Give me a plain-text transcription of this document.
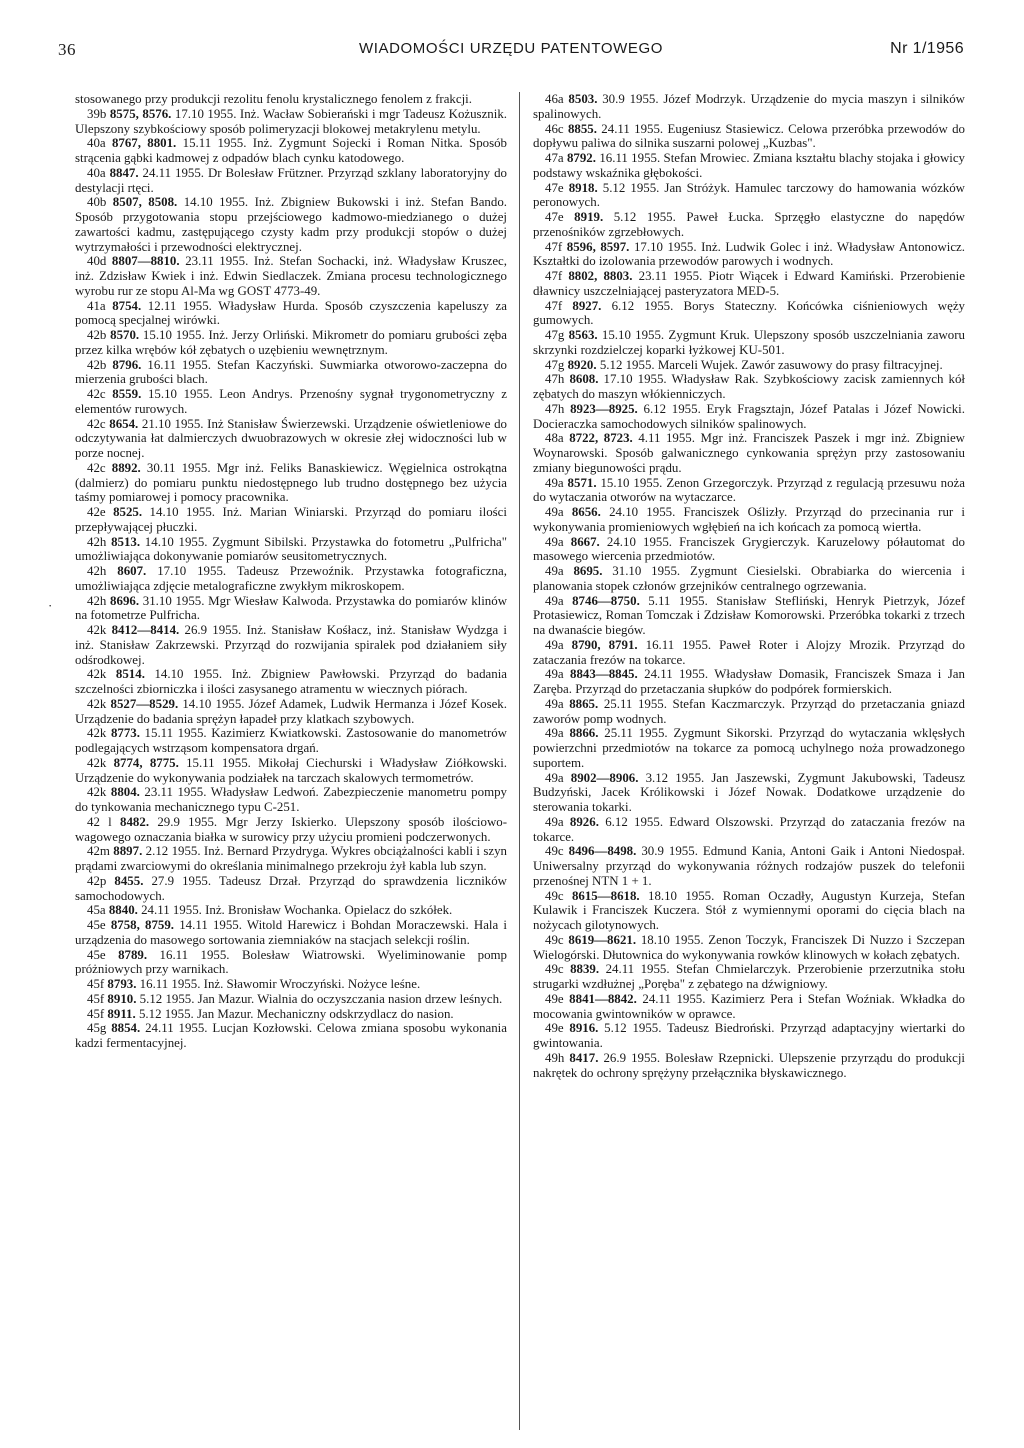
36	WIADOMOŚCI URZĘDU PATENTOWEGO	Nr 1/1956
·

stosowanego przy produkcji rezolitu fenolu krystalicznego fenolem z frakcji.

39b 8575, 8576. 17.10 1955. Inż. Wacław Sobierański i mgr Tadeusz Kożusznik. Ulepszony szybkościowy sposób polimeryzacji blokowej metakrylenu metylu.

40a 8767, 8801. 15.11 1955. Inż. Zygmunt Sojecki i Roman Nitka. Sposób strącenia gąbki kadmowej z odpadów blach cynku katodowego.

40a 8847. 24.11 1955. Dr Bolesław Frützner. Przyrząd szklany laboratoryjny do destylacji rtęci.

40b 8507, 8508. 14.10 1955. Inż. Zbigniew Bukowski i inż. Stefan Bando. Sposób przygotowania stopu przejściowego kadmowo-miedzianego o dużej zawartości kadmu, zastępującego czysty kadm przy produkcji stopów o dużej wytrzymałości i przewodności elektrycznej.

40d 8807—8810. 23.11 1955. Inż. Stefan Sochacki, inż. Władysław Kruszec, inż. Zdzisław Kwiek i inż. Edwin Siedlaczek. Zmiana procesu technologicznego wyrobu rur ze stopu Al-Ma wg GOST 4773-49.

41a 8754. 12.11 1955. Władysław Hurda. Sposób czyszczenia kapeluszy za pomocą specjalnej wirówki.

42b 8570. 15.10 1955. Inż. Jerzy Orliński. Mikrometr do pomiaru grubości zęba przez kilka wrębów kół zębatych o uzębieniu wewnętrznym.

42b 8796. 16.11 1955. Stefan Kaczyński. Suwmiarka otworowo-zaczepna do mierzenia grubości blach.

42c 8559. 15.10 1955. Leon Andrys. Przenośny sygnał trygonometryczny z elementów rurowych.

42c 8654. 21.10 1955. Inż Stanisław Świerzewski. Urządzenie oświetleniowe do odczytywania łat dalmierczych dwuobrazowych w okresie złej widoczności lub w porze nocnej.

42c 8892. 30.11 1955. Mgr inż. Feliks Banaskiewicz. Węgielnica ostrokątna (dalmierz) do pomiaru punktu niedostępnego lub trudno dostępnego bez użycia taśmy pomiarowej i pomocy pracownika.

42e 8525. 14.10 1955. Inż. Marian Winiarski. Przyrząd do pomiaru ilości przepływającej płuczki.

42h 8513. 14.10 1955. Zygmunt Sibilski. Przystawka do fotometru „Pulfricha" umożliwiająca dokonywanie pomiarów seusitometrycznych.

42h 8607. 17.10 1955. Tadeusz Przewoźnik. Przystawka fotograficzna, umożliwiająca zdjęcie metalograficzne zwykłym mikroskopem.

42h 8696. 31.10 1955. Mgr Wiesław Kalwoda. Przystawka do pomiarów klinów na fotometrze Pulfricha.

42k 8412—8414. 26.9 1955. Inż. Stanisław Kośłacz, inż. Stanisław Wydzga i inż. Stanisław Zakrzewski. Przyrząd do rozwijania spiralek pod działaniem siły odśrodkowej.

42k 8514. 14.10 1955. Inż. Zbigniew Pawłowski. Przyrząd do badania szczelności zbiorniczka i ilości zasysanego atramentu w wiecznych piórach.

42k 8527—8529. 14.10 1955. Józef Adamek, Ludwik Hermanza i Józef Kosek. Urządzenie do badania sprężyn łapadeł przy klatkach szybowych.

42k 8773. 15.11 1955. Kazimierz Kwiatkowski. Zastosowanie do manometrów podlegających wstrząsom kompensatora drgań.

42k 8774, 8775. 15.11 1955. Mikołaj Ciechurski i Władysław Ziółkowski. Urządzenie do wykonywania podziałek na tarczach skalowych termometrów.

42k 8804. 23.11 1955. Władysław Ledwoń. Zabezpieczenie manometru pompy do tynkowania mechanicznego typu C-251.

42 l 8482. 29.9 1955. Mgr Jerzy Iskierko. Ulepszony sposób ilościowo-wagowego oznaczania białka w surowicy przy użyciu promieni podczerwonych.

42m 8897. 2.12 1955. Inż. Bernard Przydryga. Wykres obciążalności kabli i szyn prądami zwarciowymi do określania minimalnego przekroju żył kabla lub szyn.

42p 8455. 27.9 1955. Tadeusz Drzał. Przyrząd do sprawdzenia liczników samochodowych.

45a 8840. 24.11 1955. Inż. Bronisław Wochanka. Opielacz do szkółek.

45e 8758, 8759. 14.11 1955. Witold Harewicz i Bohdan Moraczewski. Hala i urządzenia do masowego sortowania ziemniaków na stacjach selekcji roślin.

45e 8789. 16.11 1955. Bolesław Wiatrowski. Wyeliminowanie pomp próżniowych przy warnikach.

45f 8793. 16.11 1955. Inż. Sławomir Wroczyński. Nożyce leśne.

45f 8910. 5.12 1955. Jan Mazur. Wialnia do oczyszczania nasion drzew leśnych.

45f 8911. 5.12 1955. Jan Mazur. Mechaniczny odskrzydlacz do nasion.

45g 8854. 24.11 1955. Lucjan Kozłowski. Celowa zmiana sposobu wykonania kadzi fermentacyjnej.

46a 8503. 30.9 1955. Józef Modrzyk. Urządzenie do mycia maszyn i silników spalinowych.

46c 8855. 24.11 1955. Eugeniusz Stasiewicz. Celowa przeróbka przewodów do dopływu paliwa do silnika suszarni polowej „Kuzbas".

47a 8792. 16.11 1955. Stefan Mrowiec. Zmiana kształtu blachy stojaka i głowicy podstawy wskaźnika głębokości.

47e 8918. 5.12 1955. Jan Stróżyk. Hamulec tarczowy do hamowania wózków peronowych.

47e 8919. 5.12 1955. Paweł Łucka. Sprzęgło elastyczne do napędów przenośników zgrzebłowych.

47f 8596, 8597. 17.10 1955. Inż. Ludwik Golec i inż. Władysław Antonowicz. Kształtki do izolowania przewodów parowych i wodnych.

47f 8802, 8803. 23.11 1955. Piotr Wiącek i Edward Kamiński. Przerobienie dławnicy uszczelniającej pasteryzatora MED-5.

47f 8927. 6.12 1955. Borys Stateczny. Końcówka ciśnieniowych węży gumowych.

47g 8563. 15.10 1955. Zygmunt Kruk. Ulepszony sposób uszczelniania zaworu skrzynki rozdzielczej koparki łyżkowej KU-501.

47g 8920. 5.12 1955. Marceli Wujek. Zawór zasuwowy do prasy filtracyjnej.

47h 8608. 17.10 1955. Władysław Rak. Szybkościowy zacisk zamiennych kół zębatych do maszyn włókienniczych.

47h 8923—8925. 6.12 1955. Eryk Fragsztajn, Józef Patalas i Józef Nowicki. Docieraczka samochodowych silników spalinowych.

48a 8722, 8723. 4.11 1955. Mgr inż. Franciszek Paszek i mgr inż. Zbigniew Woynarowski. Sposób galwanicznego cynkowania sprężyn przy zastosowaniu zmiany biegunowości prądu.

49a 8571. 15.10 1955. Zenon Grzegorczyk. Przyrząd z regulacją przesuwu noża do wytaczania otworów na wytaczarce.

49a 8656. 24.10 1955. Franciszek Oślizły. Przyrząd do przecinania rur i wykonywania promieniowych wgłębień na ich końcach za pomocą wiertła.

49a 8667. 24.10 1955. Franciszek Grygierczyk. Karuzelowy półautomat do masowego wiercenia przedmiotów.

49a 8695. 31.10 1955. Zygmunt Ciesielski. Obrabiarka do wiercenia i planowania stopek członów grzejników centralnego ogrzewania.

49a 8746—8750. 5.11 1955. Stanisław Stefliński, Henryk Pietrzyk, Józef Protasiewicz, Roman Tomczak i Zdzisław Komorowski. Przeróbka tokarki z trzech na dwanaście biegów.

49a 8790, 8791. 16.11 1955. Paweł Roter i Alojzy Mrozik. Przyrząd do zataczania frezów na tokarce.

49a 8843—8845. 24.11 1955. Władysław Domasik, Franciszek Smaza i Jan Zaręba. Przyrząd do przetaczania słupków do podpórek formierskich.

49a 8865. 25.11 1955. Stefan Kaczmarczyk. Przyrząd do przetaczania gniazd zaworów pomp wodnych.

49a 8866. 25.11 1955. Zygmunt Sikorski. Przyrząd do wytaczania wklęsłych powierzchni przedmiotów na tokarce za pomocą uchylnego noża prowadzonego suportem.

49a 8902—8906. 3.12 1955. Jan Jaszewski, Zygmunt Jakubowski, Tadeusz Budzyński, Jacek Królikowski i Józef Nowak. Dodatkowe urządzenie do sterowania tokarki.

49a 8926. 6.12 1955. Edward Olszowski. Przyrząd do zataczania frezów na tokarce.

49c 8496—8498. 30.9 1955. Edmund Kania, Antoni Gaik i Antoni Niedospał. Uniwersalny przyrząd do wykonywania różnych rodzajów puszek do telefonii przenośnej NTN 1 + 1.

49c 8615—8618. 18.10 1955. Roman Oczadły, Augustyn Kurzeja, Stefan Kulawik i Franciszek Kuczera. Stół z wymiennymi oporami do cięcia blach na nożycach gilotynowych.

49c 8619—8621. 18.10 1955. Zenon Toczyk, Franciszek Di Nuzzo i Szczepan Wielogórski. Dłutownica do wykonywania rowków klinowych w kołach zębatych.

49c 8839. 24.11 1955. Stefan Chmielarczyk. Przerobienie przerzutnika stołu strugarki wzdłużnej „Poręba" z zębatego na dźwigniowy.

49e 8841—8842. 24.11 1955. Kazimierz Pera i Stefan Woźniak. Wkładka do mocowania gwintowników w oprawce.

49e 8916. 5.12 1955. Tadeusz Biedroński. Przyrząd adaptacyjny wiertarki do gwintowania.

49h 8417. 26.9 1955. Bolesław Rzepnicki. Ulepszenie przyrządu do produkcji nakrętek do ochrony sprężyny przełącznika błyskawicznego.
